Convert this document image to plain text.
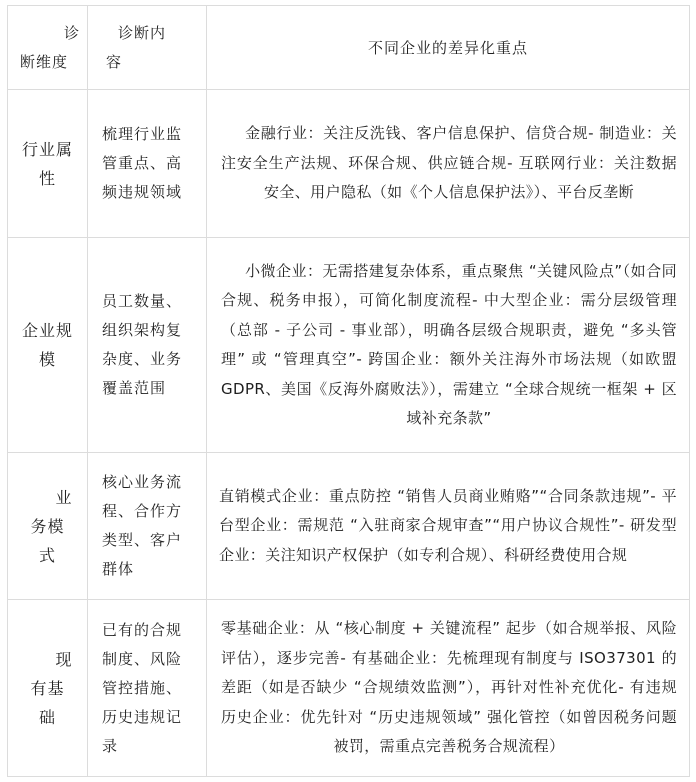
诊断维度	诊断内容	不同企业的差异化重点
行业属性	梳理行业监管重点、高频违规领域	金融行业：关注反洗钱、客户信息保护、信贷合规- 制造业：关注安全生产法规、环保合规、供应链合规- 互联网行业：关注数据安全、用户隐私（如《个人信息保护法》）、平台反垄断
企业规模	员工数量、组织架构复杂度、业务覆盖范围	小微企业：无需搭建复杂体系，重点聚焦 “关键风险点”（如合同合规、税务申报），可简化制度流程- 中大型企业：需分层级管理（总部 - 子公司 - 事业部），明确各层级合规职责，避免 “多头管理” 或 “管理真空”- 跨国企业：额外关注海外市场法规（如欧盟 GDPR、美国《反海外腐败法》），需建立 “全球合规统一框架 + 区域补充条款”
业务模式	核心业务流程、合作方类型、客户群体	直销模式企业：重点防控 “销售人员商业贿赂”“合同条款违规”- 平台型企业：需规范 “入驻商家合规审查”“用户协议合规性”- 研发型企业：关注知识产权保护（如专利合规）、科研经费使用合规
现有基础	已有的合规制度、风险管控措施、历史违规记录	零基础企业：从 “核心制度 + 关键流程” 起步（如合规举报、风险评估），逐步完善- 有基础企业：先梳理现有制度与 ISO37301 的差距（如是否缺少 “合规绩效监测”），再针对性补充优化- 有违规历史企业：优先针对 “历史违规领域” 强化管控（如曾因税务问题被罚，需重点完善税务合规流程）
